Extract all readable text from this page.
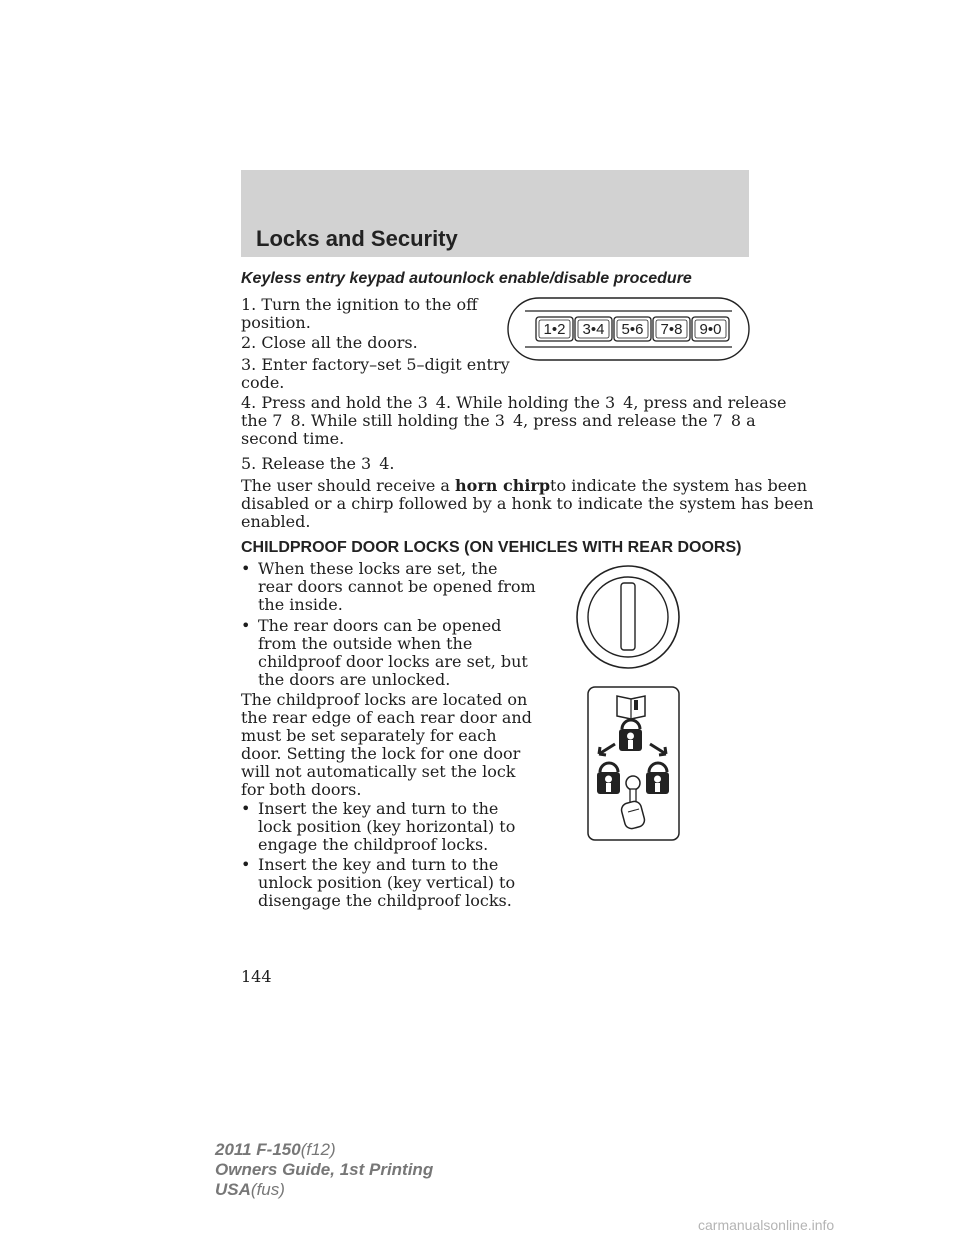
Locks and Security
Keyless entry keypad autounlock enable/disable procedure
1. Turn the ignition to the off
position.
2. Close all the doors.
3. Enter factory–set 5–digit entry
code.
1•2 3•4 5•6 7•8 9•0
4. Press and hold the 3 4. While holding the 3 4, press and release
the 7 8. While still holding the 3 4, press and release the 7 8 a
second time.
5. Release the 3 4.
The user should receive a horn chirpto indicate the system has been
disabled or a chirp followed by a honk to indicate the system has been
enabled.
CHILDPROOF DOOR LOCKS (ON VEHICLES WITH REAR DOORS)
• When these locks are set, the
rear doors cannot be opened from
the inside.
• The rear doors can be opened
from the outside when the
childproof door locks are set, but
the doors are unlocked.
The childproof locks are located on
the rear edge of each rear door and
must be set separately for each
door. Setting the lock for one door
will not automatically set the lock
for both doors.
• Insert the key and turn to the
lock position (key horizontal) to
engage the childproof locks.
• Insert the key and turn to the
unlock position (key vertical) to
disengage the childproof locks.
144
2011 F-150(f12)
Owners Guide, 1st Printing
USA(fus)
carmanualsonline.info
